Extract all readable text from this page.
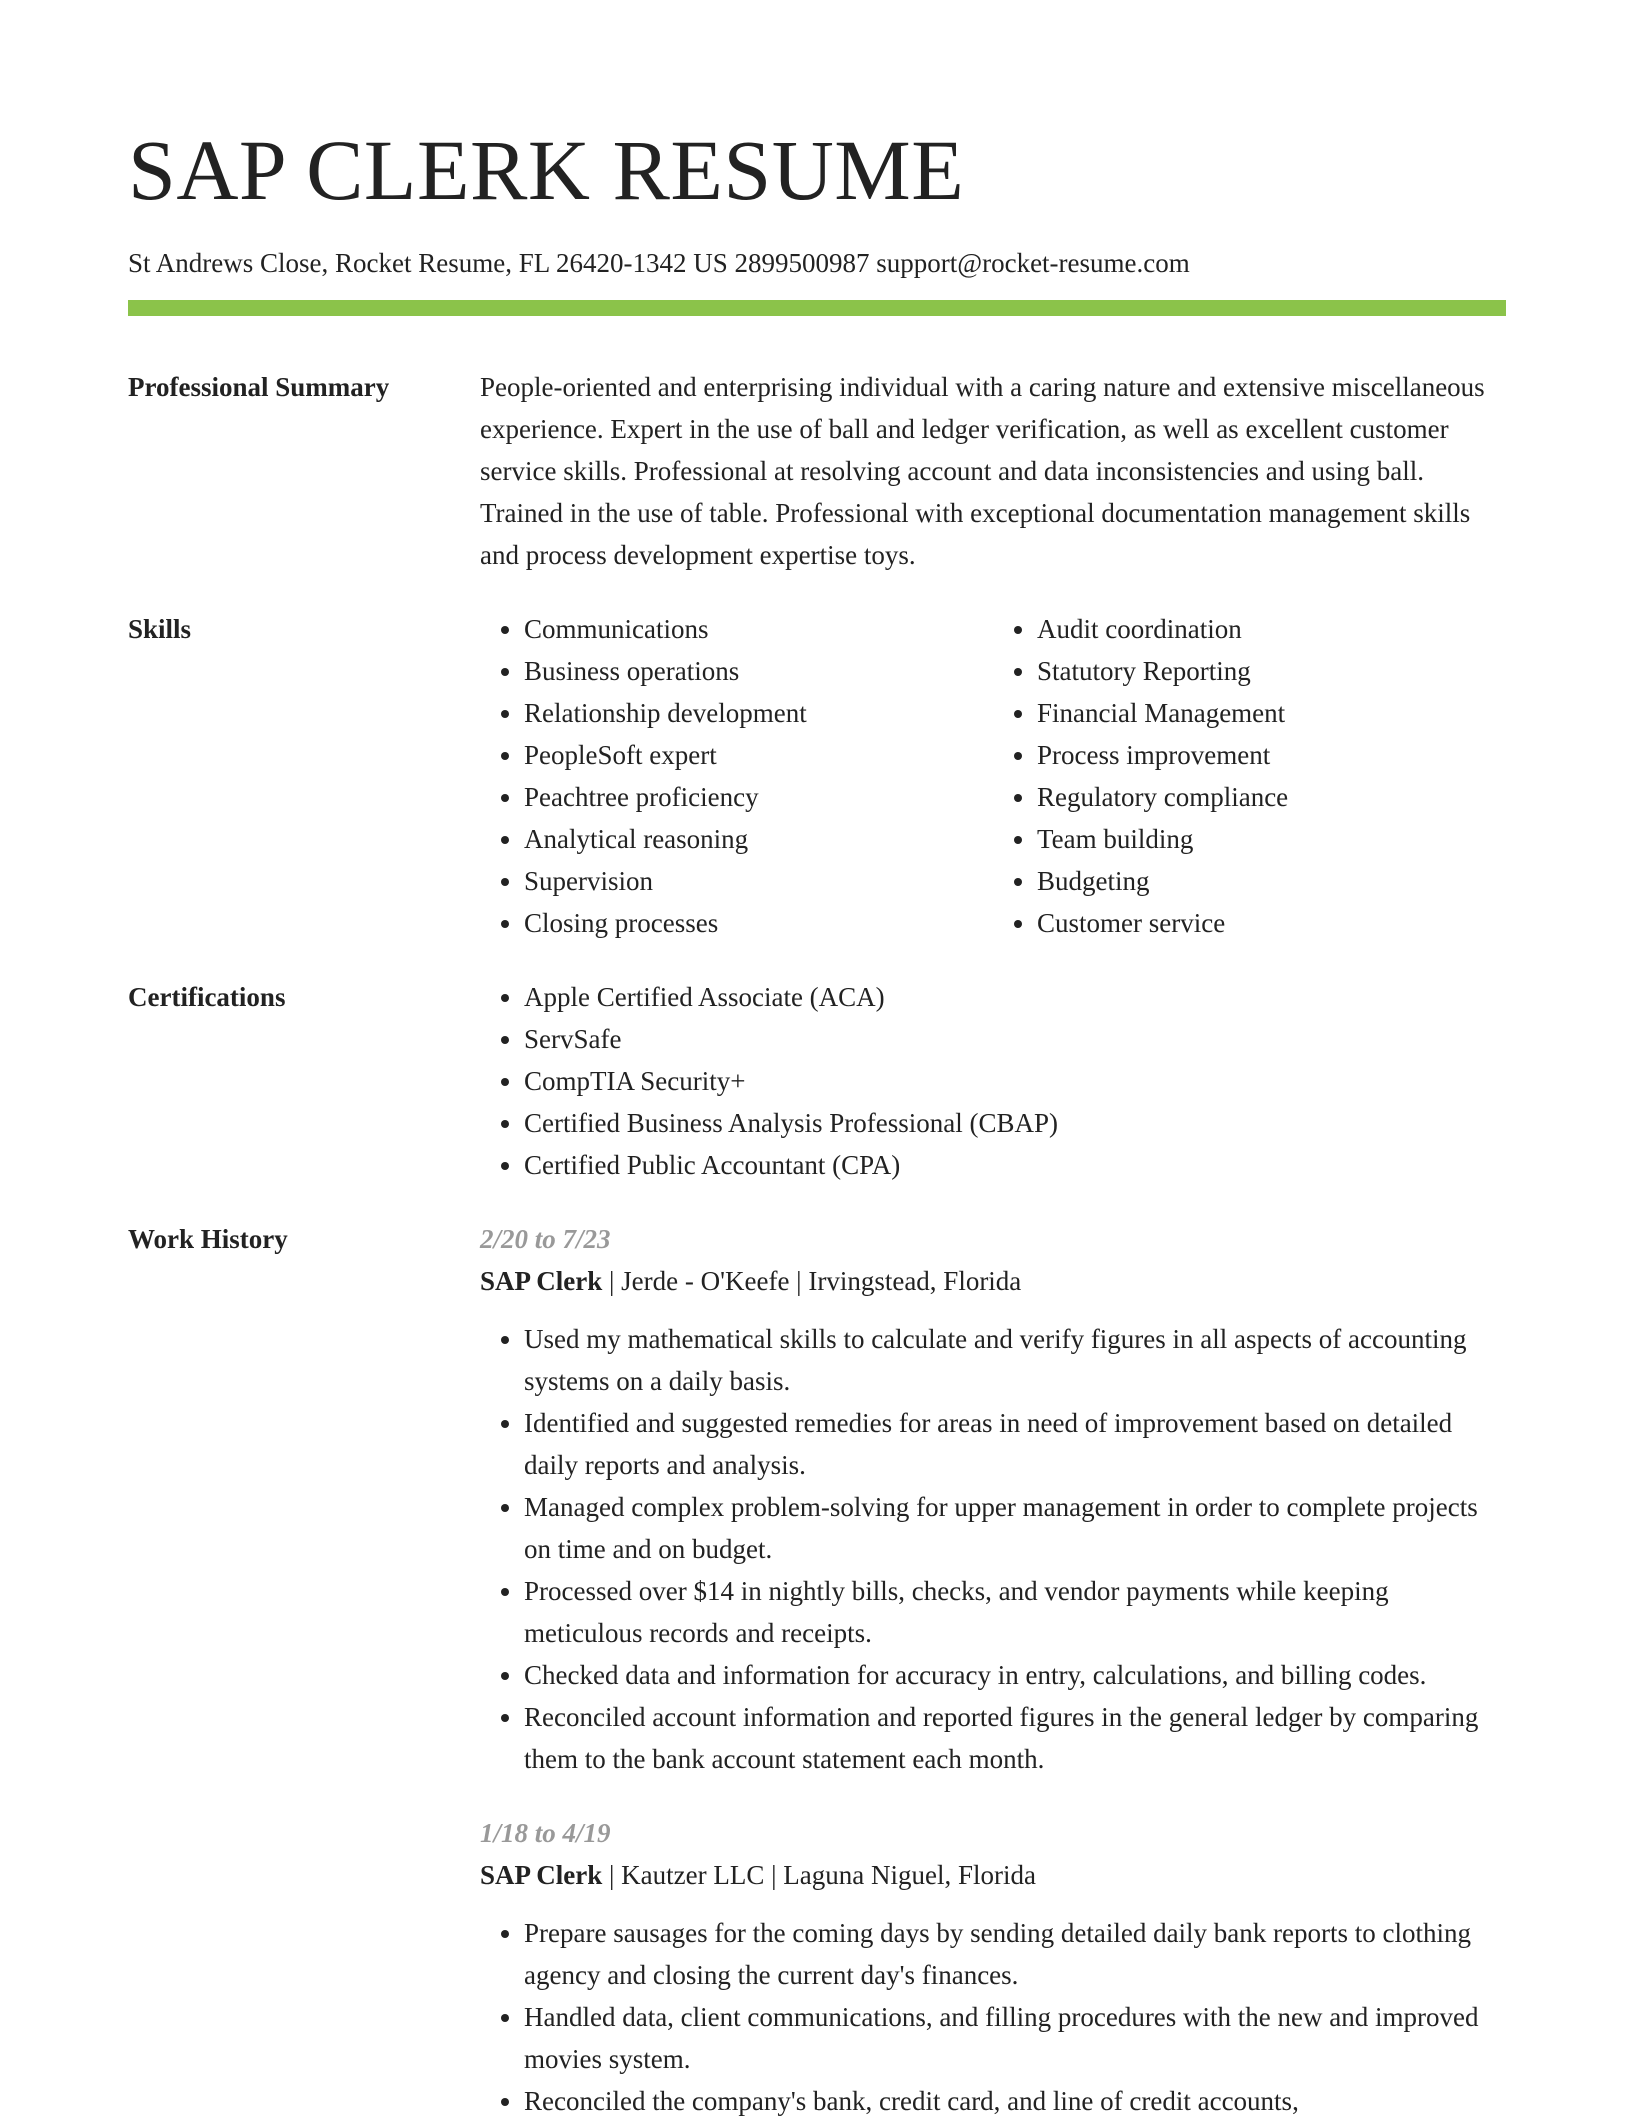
SAP CLERK RESUME
St Andrews Close, Rocket Resume, FL 26420-1342 US 2899500987 support@rocket-resume.com
Professional Summary	People-oriented and enterprising individual with a caring nature and extensive miscellaneous experience. Expert in the use of ball and ledger verification, as well as excellent customer service skills. Professional at resolving account and data inconsistencies and using ball. Trained in the use of table. Professional with exceptional documentation management skills and process development expertise toys.
Skills	• Communications
• Business operations
• Relationship development
• PeopleSoft expert
• Peachtree proficiency
• Analytical reasoning
• Supervision
• Closing processes
• Audit coordination
• Statutory Reporting
• Financial Management
• Process improvement
• Regulatory compliance
• Team building
• Budgeting
• Customer service
Certifications	• Apple Certified Associate (ACA)
• ServSafe
• CompTIA Security+
• Certified Business Analysis Professional (CBAP)
• Certified Public Accountant (CPA)
Work History	2/20 to 7/23
SAP Clerk | Jerde - O'Keefe | Irvingstead, Florida
• Used my mathematical skills to calculate and verify figures in all aspects of accounting systems on a daily basis.
• Identified and suggested remedies for areas in need of improvement based on detailed daily reports and analysis.
• Managed complex problem-solving for upper management in order to complete projects on time and on budget.
• Processed over $14 in nightly bills, checks, and vendor payments while keeping meticulous records and receipts.
• Checked data and information for accuracy in entry, calculations, and billing codes.
• Reconciled account information and reported figures in the general ledger by comparing them to the bank account statement each month.
1/18 to 4/19
SAP Clerk | Kautzer LLC | Laguna Niguel, Florida
• Prepare sausages for the coming days by sending detailed daily bank reports to clothing agency and closing the current day's finances.
• Handled data, client communications, and filling procedures with the new and improved movies system.
• Reconciled the company's bank, credit card, and line of credit accounts,
